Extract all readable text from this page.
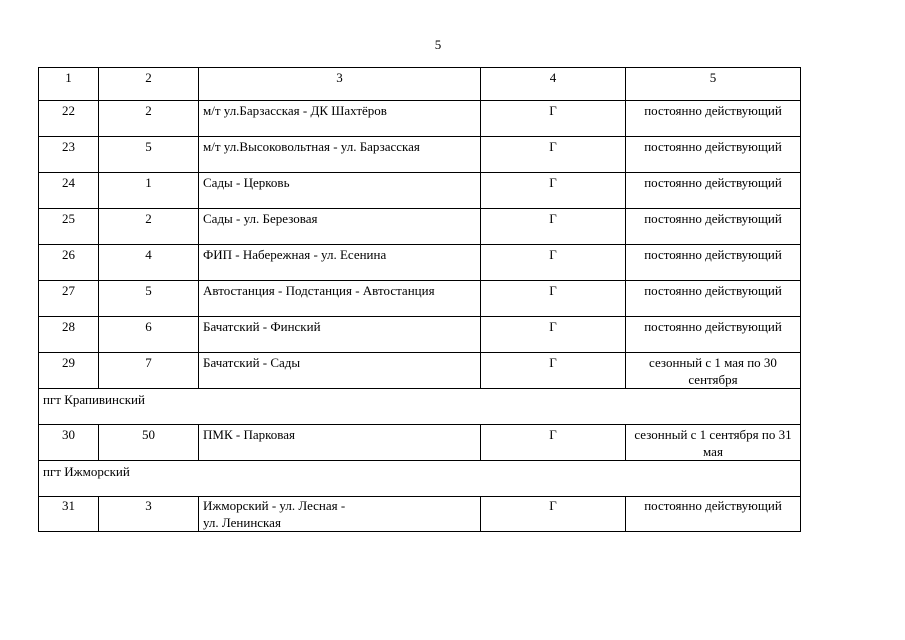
5
1	2	3	4	5
22	2	м/т ул.Барзасская - ДК Шахтёров	Г	постоянно действующий
23	5	м/т ул.Высоковольтная - ул. Барзасская	Г	постоянно действующий
24	1	Сады - Церковь	Г	постоянно действующий
25	2	Сады - ул. Березовая	Г	постоянно действующий
26	4	ФИП - Набережная - ул. Есенина	Г	постоянно действующий
27	5	Автостанция - Подстанция - Автостанция	Г	постоянно действующий
28	6	Бачатский - Финский	Г	постоянно действующий
29	7	Бачатский - Сады	Г	сезонный с 1 мая по 30 сентября
пгт Крапивинский				
30	50	ПМК - Парковая	Г	сезонный с 1 сентября по 31 мая
пгт Ижморский				
31	3	Ижморский - ул. Лесная -
ул. Ленинская	Г	постоянно действующий
